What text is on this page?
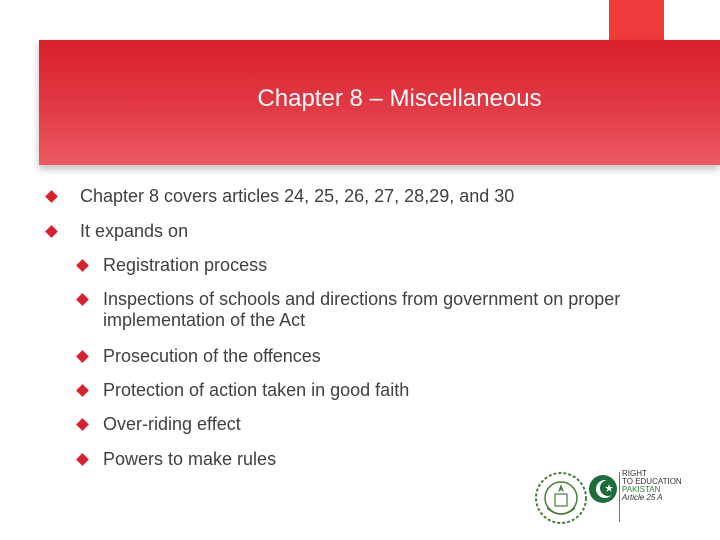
Chapter 8 – Miscellaneous
Chapter 8 covers articles 24, 25, 26, 27, 28,29, and 30
It expands on
Registration process
Inspections of schools and directions from government on proper implementation of the Act
Prosecution of the offences
Protection of action taken in good faith
Over-riding effect
Powers to make rules
RIGHT
TO EDUCATION
PAKISTAN
Article 25 A
